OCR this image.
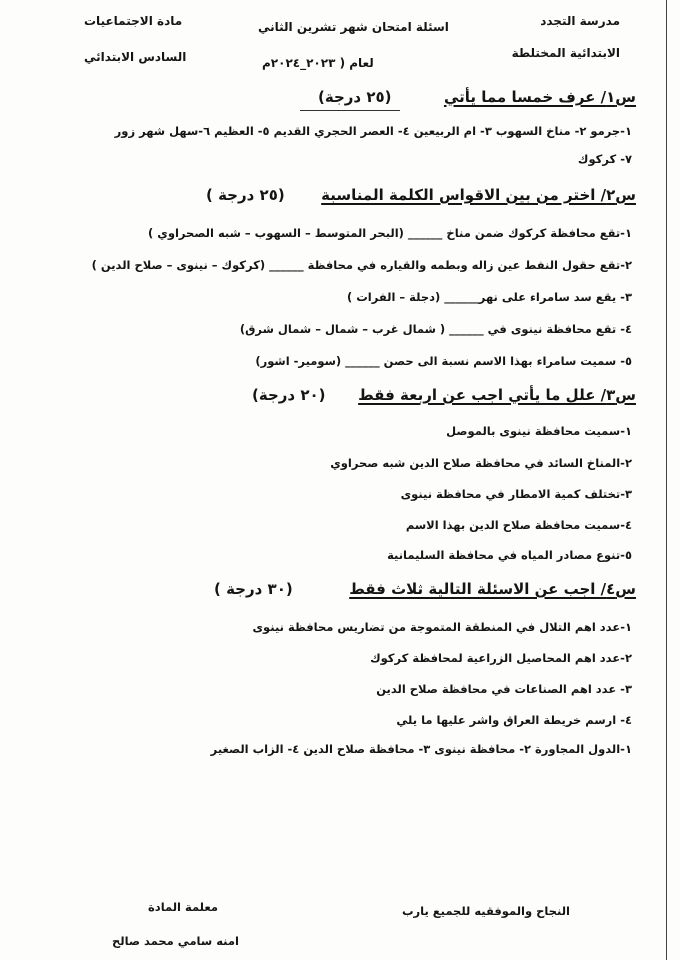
مدرسة التجدد
الابتدائية المختلطة
اسئلة امتحان شهر تشرين الثاني
لعام ( ٢٠٢٣_٢٠٢٤م
مادة الاجتماعيات
السادس الابتدائي
س١/ عرف خمسا مما يأتي
(٢٥ درجة)
١-جرمو ٢- مناخ السهوب ٣- ام الربيعين ٤- العصر الحجري القديم ٥- العظيم ٦-سهل شهر زور
٧- كركوك
س٢/ اختر من بين الاقواس الكلمة المناسبة
(٢٥ درجة )
١-تقع محافظة كركوك ضمن مناخ ______ (البحر المتوسط – السهوب – شبه الصحراوي )
٢-تقع حقول النفط عين زاله وبطمه والقياره في محافظة ______ (كركوك – نينوى – صلاح الدين )
٣- يقع سد سامراء على نهر______ (دجلة – الفرات )
٤- تقع محافظة نينوى في ______ ( شمال غرب – شمال – شمال شرق)
٥- سميت سامراء بهذا الاسم نسبة الى حصن ______ (سومير- اشور)
س٣/ علل ما يأتي اجب عن اربعة فقط
(٢٠ درجة)
١-سميت محافظة نينوى بالموصل
٢-المناخ السائد في محافظة صلاح الدين شبه صحراوي
٣-تختلف كمية الامطار في محافظة نينوى
٤-سميت محافظة صلاح الدين بهذا الاسم
٥-تنوع مصادر المياه في محافظة السليمانية
س٤/ اجب عن الاسئلة التالية ثلاث فقط
(٣٠ درجة )
١-عدد اهم التلال في المنطقة المتموجة من تضاريس محافظة نينوى
٢-عدد اهم المحاصيل الزراعية لمحافظة كركوك
٣- عدد اهم الصناعات في محافظة صلاح الدين
٤- ارسم خريطة العراق واشر عليها ما يلي
١-الدول المجاورة ٢- محافظة نينوى ٣- محافظة صلاح الدين ٤- الزاب الصغير
النجاح والموفقيه للجميع يارب
معلمة المادة
امنه سامي محمد صالح
